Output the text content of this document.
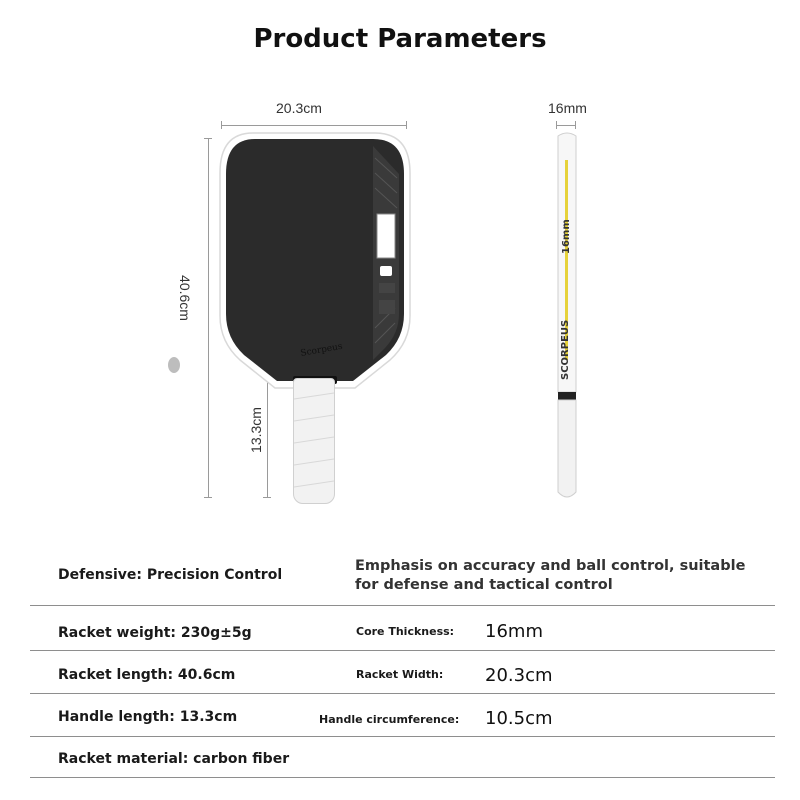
Product Parameters
20.3cm
40.6cm
13.3cm
Scorpeus
16mm
SCORPEUS
16mm
Defensive: Precision Control
Emphasis on accuracy and ball control, suitable for defense and tactical control
Racket weight: 230g±5g	Core Thickness: 16mm
Racket length: 40.6cm	Racket Width: 20.3cm
Handle length: 13.3cm	Handle circumference: 10.5cm
Racket material: carbon fiber
